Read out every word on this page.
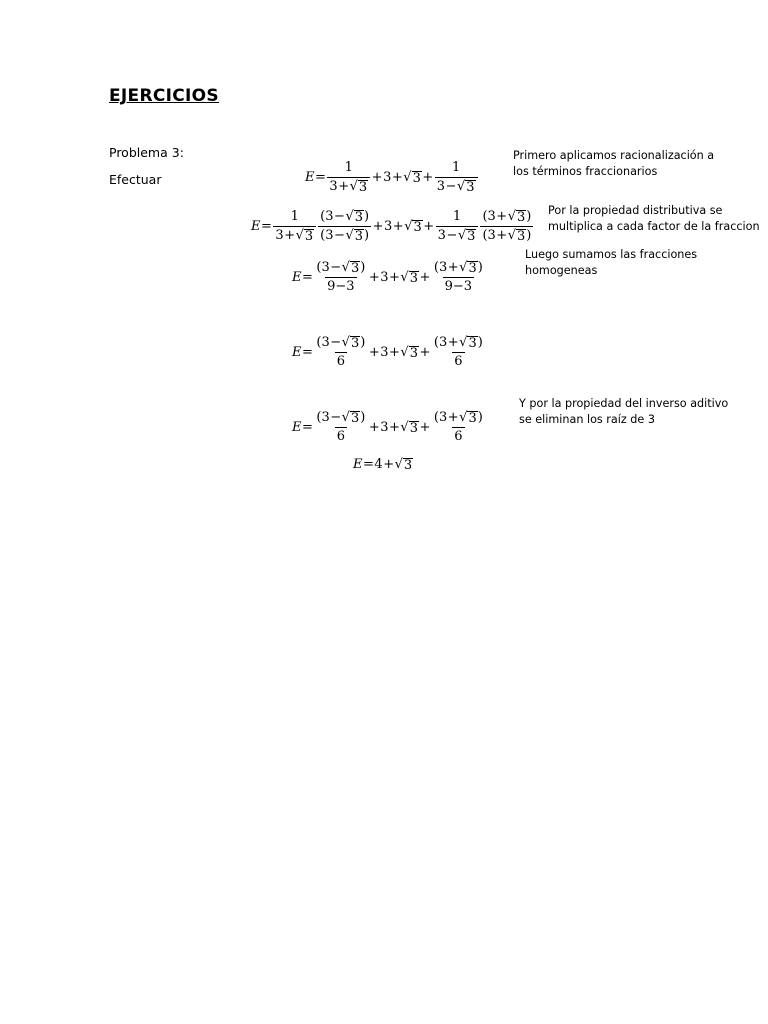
EJERCICIOS
Problema 3:
Efectuar
Primero aplicamos racionalización a
los términos fraccionarios
Por la propiedad distributiva se
multiplica a cada factor de la fraccion
Luego sumamos las fracciones
homogeneas
Y por la propiedad del inverso aditivo
se eliminan los raíz de 3
$E = \frac{1}{3+ √ 3} + 3$ + √ $3 + \frac{1}{3- √ 3}$
$E = \frac{1}{3+ √ 3} \frac{(3- √ 3 )}{(3- √ 3 )} + 3$ + √ $3 + \frac{1}{3- √ 3} \frac{(3+ √ 3 )}{(3+ √ 3 )}$
$E = \frac{(3- √ 3 )}{9-3} + 3$ + √ $3 + \frac{(3+ √ 3 )}{9-3}$
$E = \frac{(3- √ 3 )}{6} + 3$ + √ $3 + \frac{(3+ √ 3 )}{6}$
$E = \frac{(3- √ 3 )}{6} + 3$ + √ $3 + \frac{(3+ √ 3 )}{6}$
E = 4 + √ 3
